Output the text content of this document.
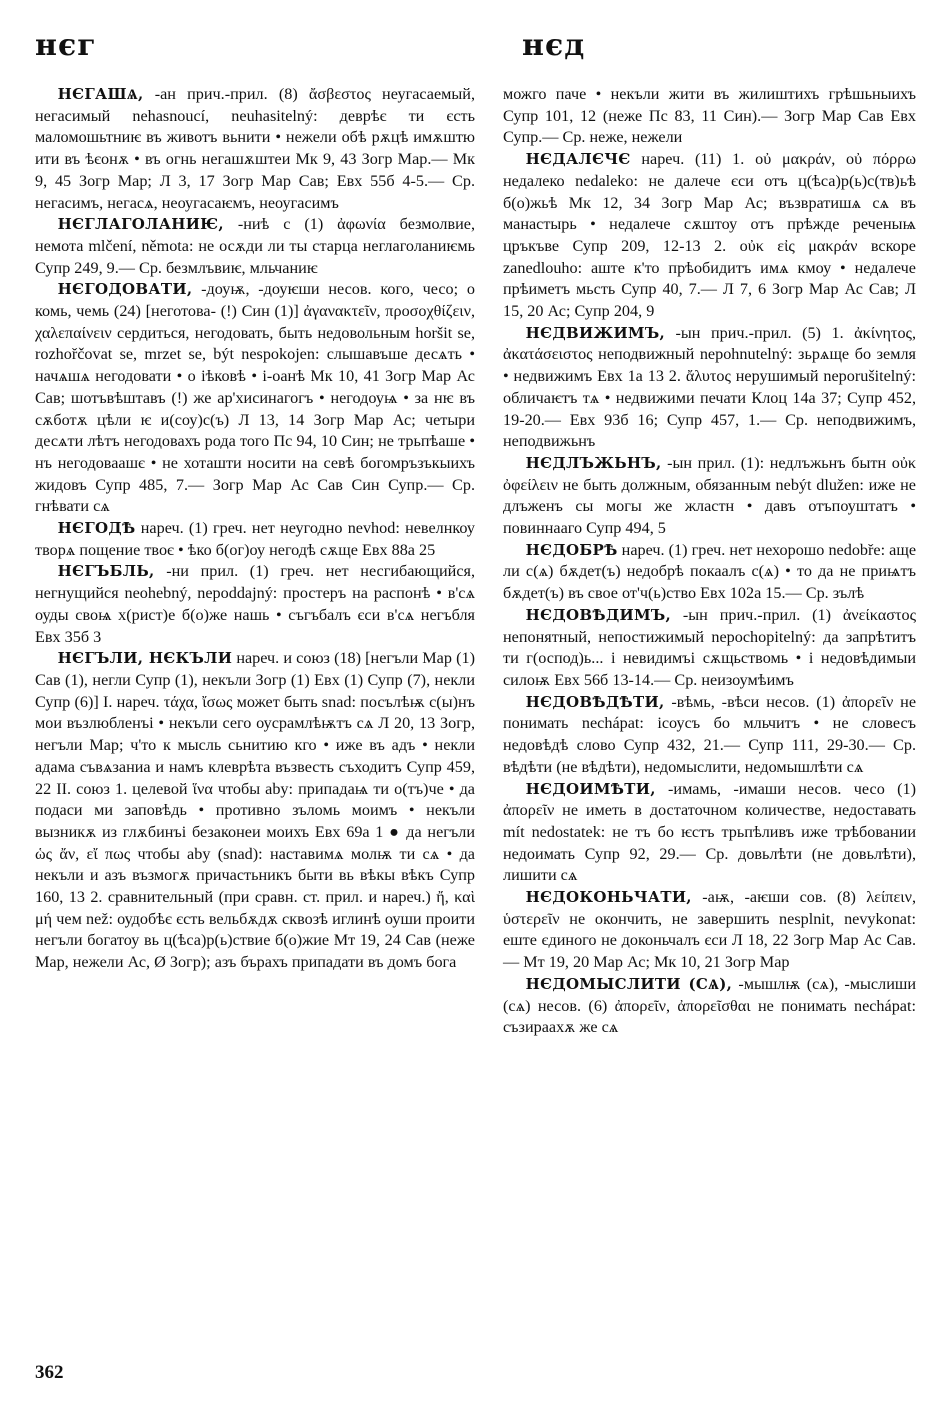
нєг	нєд

НЄГАШѦ, -ан прич.-прил. (8) ἄσβεστος неугасаемый, негасимый nehasnoucí, neuhasitelný: деврѣє ти єсть маломошьтниѥ въ животъ вьнити • нежели обѣ рѫцѣ имѫштю ити въ ѣєонѫ • въ огнь негашѫштеи Мк 9, 43 Зогр Мар.— Мк 9, 45 Зогр Мар; Л 3, 17 Зогр Мар Сав; Евх 55б 4-5.— Ср. негасимъ, негасѧ, неоугасаѥмъ, неоугасимъ

НЄГЛАГОЛАНИѤ, -ниѣ с (1) ἀφωνία безмолвие, немота mlčení, němota: не осѫди ли ты старца неглаголаниѥмь Супр 249, 9.— Ср. безмлъвиѥ, мльчаниѥ

НЄГОДОВАТИ, -доуѭ, -доуѥши несов. кого, чесо; о комь, чемь (24) [неготова- (!) Син (1)] ἀγανακτεῖν, προσοχθίζειν, χαλεπαίνειν сердиться, негодовать, быть недовольным horšit se, rozhořčovat se, mrzet se, být nespokojen: слышавъше десѧть • начѧшѧ негодовати • о іѣковѣ • і-оанѣ Мк 10, 41 Зогр Мар Ас Сав; шотъвѣштавъ (!) же ар'хисинагогъ • негодоуѩ • за нѥ въ сѫботѫ цѣли ѥ и(соу)с(ъ) Л 13, 14 Зогр Мар Ас; четыри десѧти лѣтъ негодовахъ рода того Пс 94, 10 Син; не трьпѣаше • нъ негодоваашє • не хоташти носити на севѣ богомръзъкыихъ жидовъ Супр 485, 7.— Зогр Мар Ас Сав Син Супр.— Ср. гнѣвати сѧ

НЄГОДѢ нареч. (1) греч. нет неугодно nevhod: невелнкоу творѧ пощение твоє • ѣко б(ог)оу негодѣ сѫще Евх 88а 25

НЄГЪБЛЬ, -ни прил. (1) греч. нет несгибающийся, негнущийся neohebný, nepoddajný: простеръ на распонѣ • в'сѧ оуды своѩ х(рист)е б(о)же нашь • съгъбалъ єси в'сѧ негъбля Евх 35б 3

НЄГЪЛИ, НЄКЪЛИ нареч. и союз (18) [негъли Мар (1) Сав (1), негли Супр (1), некъли Зогр (1) Евх (1) Супр (7), некли Супр (6)] I. нареч. τάχα, ἴσως может быть snad: посълѣѭ с(ы)нъ мои възлюбленъі • некъли сего оусрамлѣѭтъ сѧ Л 20, 13 Зогр, негъли Мар; ч'то к мысль сьнитию кго • иже въ адъ • некли адама съвѧзаниа и намъ клеврѣта възвесть съходитъ Супр 459, 22 II. союз 1. целевой ἵνα чтобы aby: припадаѩ ти о(тъ)че • да подаси ми заповѣдь • противно зъломь моимъ • некъли вызникѫ из глѫбинъі безаконеи моихъ Евх 69а 1 ● да негъли ὡς ἄν, εἴ πως чтобы aby (snad): наставимѧ молѭ ти сѧ • да некъли и азъ възмогѫ причастьникъ быти вь вѣкы вѣкъ Супр 160, 13 2. сравнительный (при сравн. ст. прил. и нареч.) ἤ, καὶ μή чем než: оудобѣє єсть вельбѫдѫ сквозѣ иглинѣ оуши проити негъли богатоу вь ц(ѣса)р(ь)ствие б(о)жие Мт 19, 24 Сав (неже Мар, нежели Ас, Ø Зогр); азъ бърахъ припадати въ домъ бога

можго паче • некъли жити въ жилиштихъ грѣшьныихъ Супр 101, 12 (неже Пс 83, 11 Син).— Зогр Мар Сав Евх Супр.— Ср. неже, нежели

НЄДАЛЄЧЄ нареч. (11) 1. οὐ μακράν, οὐ πόρρω недалеко nedaleko: не далече єси отъ ц(ѣса)р(ь)с(тв)ьѣ б(о)жьѣ Мк 12, 34 Зогр Мар Ас; възвратишѧ сѧ въ манастырь • недалече сѫштоу отъ прѣжде реченыѩ цръкъве Супр 209, 12-13 2. οὐκ εἰς μακράν вскоре zanedlouho: аште к'то прѣобидитъ имѧ кмоу • недалече прѣиметъ мьсть Супр 40, 7.— Л 7, 6 Зогр Мар Ас Сав; Л 15, 20 Ас; Супр 204, 9

НЄДВИЖИМЪ, -ын прич.-прил. (5) 1. ἀκίνητος, ἀκατάσειστος неподвижный nepohnutelný: зьрѧще бо земля • недвижимъ Евх 1а 13 2. ἄλυτος нерушимый neporušitelný: обличаѥтъ тѧ • недвижими печати Клоц 14а 37; Супр 452, 19-20.— Евх 93б 16; Супр 457, 1.— Ср. неподвижимъ, неподвижьнъ

НЄДЛЪЖЬНЪ, -ын прил. (1): недлъжьнъ бытн οὐκ ὀφείλειν не быть должным, обязанным nebýt dlužen: иже не длъженъ сы могы же жластн • давъ отъпоуштатъ • повиннааго Супр 494, 5

НЄДОБРѢ нареч. (1) греч. нет нехорошо nedobře: аще ли с(ѧ) бѫдет(ъ) недобрѣ покаалъ с(ѧ) • то да не приѩтъ бѫдет(ъ) въ свое от'ч(ь)ство Евх 102а 15.— Ср. зълѣ

НЄДОВѢДИМЪ, -ын прич.-прил. (1) ἀνείκαστος непонятный, непостижимый nepochopitelný: да запрѣтитъ ти г(оспод)ь... і невидимъі сѫщьствомь • і недовѣдимыи силоѭ Евх 56б 13-14.— Ср. неизоумѣимъ

НЄДОВѢДѢТИ, -вѣмь, -вѣси несов. (1) ἀπορεῖν не понимать nechápat: ісоусъ бо мльчитъ • не словесъ недовѣдѣ слово Супр 432, 21.— Супр 111, 29-30.— Ср. вѣдѣти (не вѣдѣти), недомыслити, недомышлѣти сѧ

НЄДОИМѢТИ, -имамь, -имаши несов. чесо (1) ἀπορεῖν не иметь в достаточном количестве, недоставать mít nedostatek: не тъ бо ѥстъ трьпѣливъ иже трѣбовании недоимать Супр 92, 29.— Ср. довьлѣти (не довьлѣти), лишити сѧ

НЄДОКОНЬЧАТИ, -аѭ, -аѥши сов. (8) λείπειν, ὑστερεῖν не окончить, не завершить nesplnit, nevykonat: еште єдиного не доконьчалъ єси Л 18, 22 Зогр Мар Ас Сав.— Мт 19, 20 Мар Ас; Мк 10, 21 Зогр Мар

НЄДОМЫСЛИТИ (СѦ), -мышлѭ (сѧ), -мыслиши (сѧ) несов. (6) ἀπορεῖν, ἀπορεῖσθαι не понимать nechápat: съзираахѫ же сѧ

362
